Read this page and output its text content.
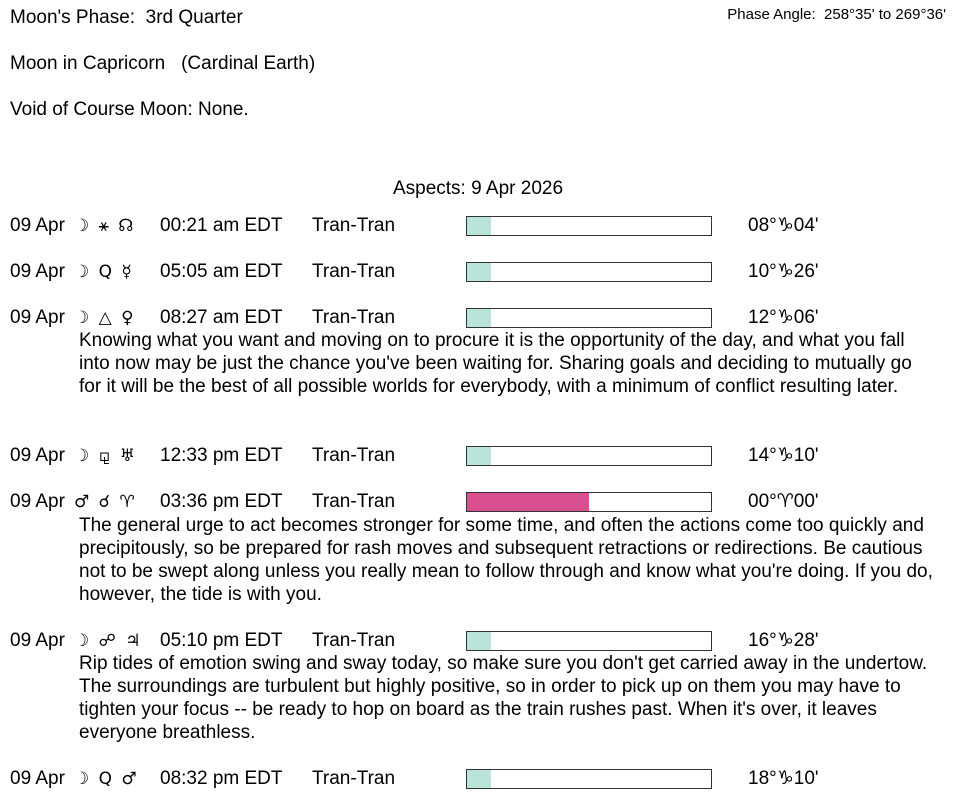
Moon's Phase:  3rd Quarter
Moon in Capricorn   (Cardinal Earth)
Void of Course Moon: None.
Phase Angle:  258°35' to 269°36'
Aspects: 9 Apr 2026
09 Apr ☽ ⚹ ☊ 00:21 am EDT Tran-Tran	08°♑04'
09 Apr ☽ Q ☿ 05:05 am EDT Tran-Tran	10°♑26'
09 Apr ☽ △ ♀ 08:27 am EDT Tran-Tran	12°♑06'
Knowing what you want and moving on to procure it is the opportunity of the day, and what you fall into now may be just the chance you've been waiting for. Sharing goals and deciding to mutually go for it will be the best of all possible worlds for everybody, with a minimum of conflict resulting later.
09 Apr ☽ ⚼ ♅ 12:33 pm EDT Tran-Tran	14°♑10'
09 Apr ♂ ☌ ♈ 03:36 pm EDT Tran-Tran	00°♈00'
The general urge to act becomes stronger for some time, and often the actions come too quickly and precipitously, so be prepared for rash moves and subsequent retractions or redirections. Be cautious not to be swept along unless you really mean to follow through and know what you're doing. If you do, however, the tide is with you.
09 Apr ☽ ☍ ♃ 05:10 pm EDT Tran-Tran	16°♑28'
Rip tides of emotion swing and sway today, so make sure you don't get carried away in the undertow. The surroundings are turbulent but highly positive, so in order to pick up on them you may have to tighten your focus -- be ready to hop on board as the train rushes past. When it's over, it leaves everyone breathless.
09 Apr ☽ Q ♂ 08:32 pm EDT Tran-Tran	18°♑10'
